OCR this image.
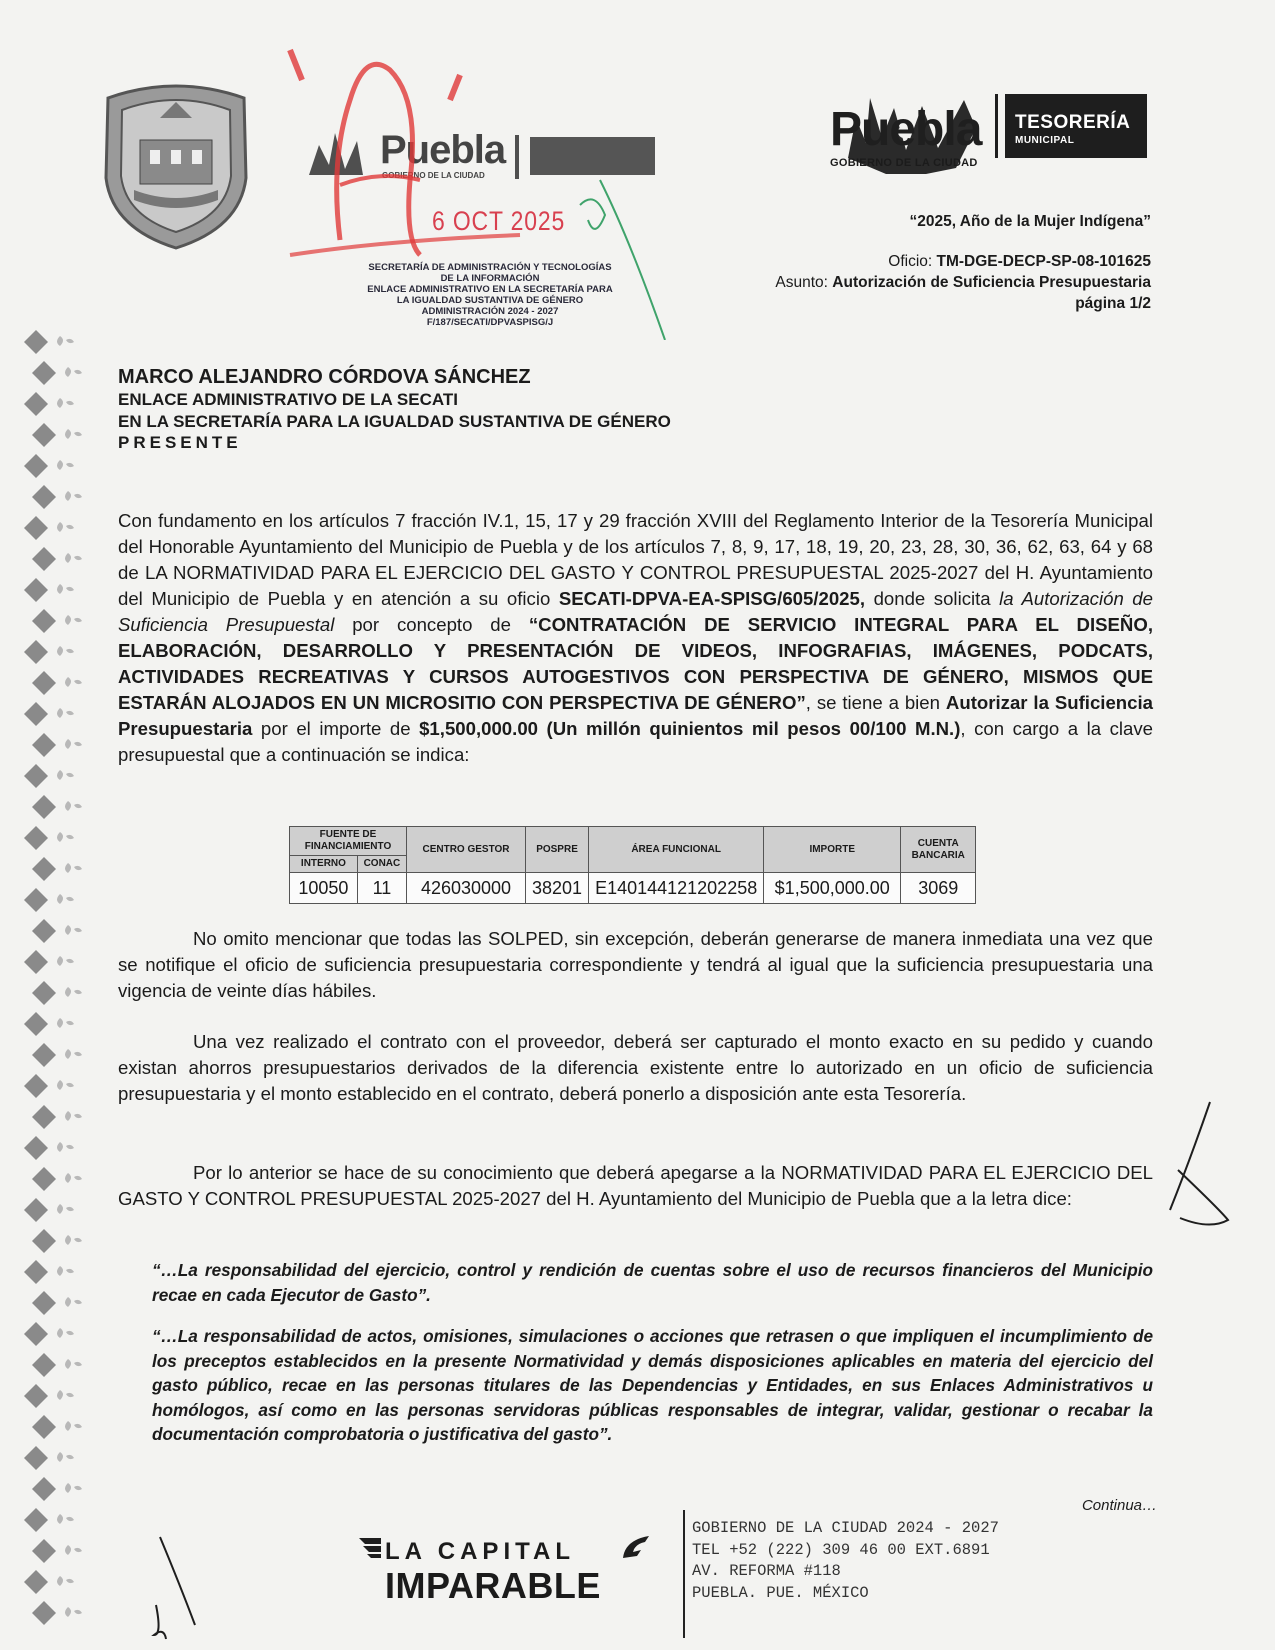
Puebla
GOBIERNO DE LA CIUDAD
6 OCT 2025
SECRETARÍA DE ADMINISTRACIÓN Y TECNOLOGÍAS
DE LA INFORMACIÓN
ENLACE ADMINISTRATIVO EN LA SECRETARÍA PARA
LA IGUALDAD SUSTANTIVA DE GÉNERO
ADMINISTRACIÓN 2024 - 2027
F/187/SECATI/DPVASPISG/J
Puebla
GOBIERNO DE LA CIUDAD
TESORERÍA
MUNICIPAL
“2025, Año de la Mujer Indígena”
Oficio: TM-DGE-DECP-SP-08-101625
Asunto: Autorización de Suficiencia Presupuestaria
página 1/2
MARCO ALEJANDRO CÓRDOVA SÁNCHEZ
ENLACE ADMINISTRATIVO DE LA SECATI
EN LA SECRETARÍA PARA LA IGUALDAD SUSTANTIVA DE GÉNERO
PRESENTE
Con fundamento en los artículos 7 fracción IV.1, 15, 17 y 29 fracción XVIII del Reglamento Interior de la Tesorería Municipal del Honorable Ayuntamiento del Municipio de Puebla y de los artículos 7, 8, 9, 17, 18, 19, 20, 23, 28, 30, 36, 62, 63, 64 y 68 de LA NORMATIVIDAD PARA EL EJERCICIO DEL GASTO Y CONTROL PRESUPUESTAL 2025-2027 del H. Ayuntamiento del Municipio de Puebla y en atención a su oficio SECATI-DPVA-EA-SPISG/605/2025, donde solicita la Autorización de Suficiencia Presupuestal por concepto de “CONTRATACIÓN DE SERVICIO INTEGRAL PARA EL DISEÑO, ELABORACIÓN, DESARROLLO Y PRESENTACIÓN DE VIDEOS, INFOGRAFIAS, IMÁGENES, PODCATS, ACTIVIDADES RECREATIVAS Y CURSOS AUTOGESTIVOS CON PERSPECTIVA DE GÉNERO, MISMOS QUE ESTARÁN ALOJADOS EN UN MICROSITIO CON PERSPECTIVA DE GÉNERO”, se tiene a bien Autorizar la Suficiencia Presupuestaria por el importe de $1,500,000.00 (Un millón quinientos mil pesos 00/100 M.N.), con cargo a la clave presupuestal que a continuación se indica:
FUENTE DE FINANCIAMIENTO		CENTRO GESTOR	POSPRE	ÁREA FUNCIONAL	IMPORTE	CUENTA BANCARIA
INTERNO	CONAC					
10050	11	426030000	38201	E140144121202258	$1,500,000.00	3069
No omito mencionar que todas las SOLPED, sin excepción, deberán generarse de manera inmediata una vez que se notifique el oficio de suficiencia presupuestaria correspondiente y tendrá al igual que la suficiencia presupuestaria una vigencia de veinte días hábiles.
Una vez realizado el contrato con el proveedor, deberá ser capturado el monto exacto en su pedido y cuando existan ahorros presupuestarios derivados de la diferencia existente entre lo autorizado en un oficio de suficiencia presupuestaria y el monto establecido en el contrato, deberá ponerlo a disposición ante esta Tesorería.
Por lo anterior se hace de su conocimiento que deberá apegarse a la NORMATIVIDAD PARA EL EJERCICIO DEL GASTO Y CONTROL PRESUPUESTAL 2025-2027 del H. Ayuntamiento del Municipio de Puebla que a la letra dice:
“…La responsabilidad del ejercicio, control y rendición de cuentas sobre el uso de recursos financieros del Municipio recae en cada Ejecutor de Gasto”.
“…La responsabilidad de actos, omisiones, simulaciones o acciones que retrasen o que impliquen el incumplimiento de los preceptos establecidos en la presente Normatividad y demás disposiciones aplicables en materia del ejercicio del gasto público, recae en las personas titulares de las Dependencias y Entidades, en sus Enlaces Administrativos u homólogos, así como en las personas servidoras públicas responsables de integrar, validar, gestionar o recabar la documentación comprobatoria o justificativa del gasto”.
Continua…
LA CAPITAL
IMPARABLE
GOBIERNO DE LA CIUDAD 2024 - 2027
TEL +52 (222) 309 46 00 EXT.6891
AV. REFORMA #118
PUEBLA. PUE. MÉXICO
